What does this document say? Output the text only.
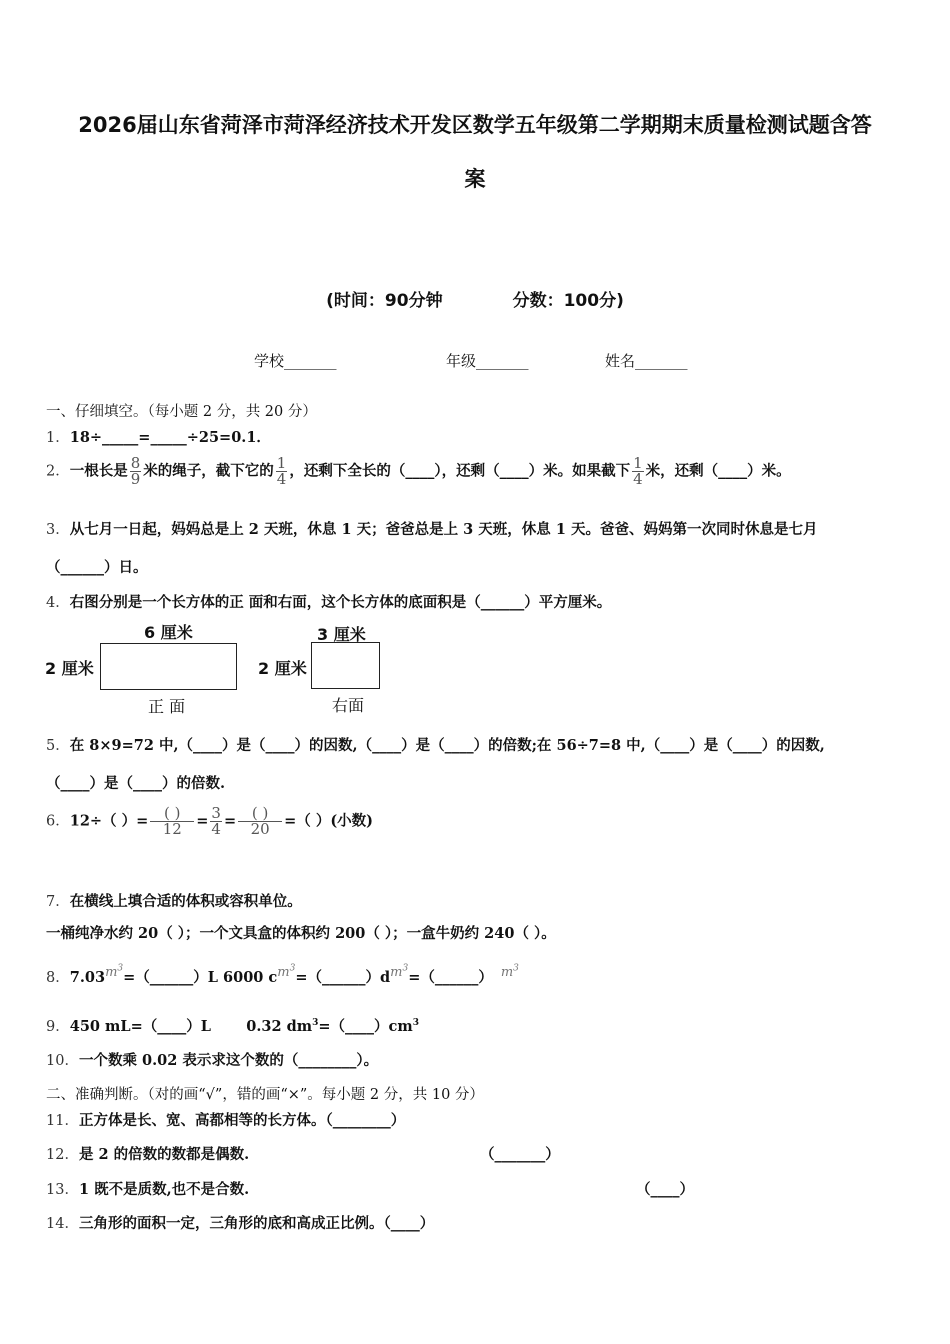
2026届山东省菏泽市菏泽经济技术开发区数学五年级第二学期期末质量检测试题含答
案
(时间：90分钟	分数：100分)
学校_______	年级_______	姓名_______
一、仔细填空。（每小题 2 分，共 20 分）
1．18÷_____=_____÷25=0.1．
2．一根长是 $\frac{8}{9}$ 米的绳子，截下它的 $\frac{1}{4}$ ，还剩下全长的（____），还剩（____）米。如果截下 $\frac{1}{4}$ 米，还剩（____）米。
3．从七月一日起，妈妈总是上 2 天班，休息 1 天；爸爸总是上 3 天班，休息 1 天。爸爸、妈妈第一次同时休息是七月
（______）日。
4．右图分别是一个长方体的正 面和右面，这个长方体的底面积是（______）平方厘米。
6 厘米
2 厘米
正 面
3 厘米
2 厘米
右面
5．在 8×9=72 中,（____）是（____）的因数,（____）是（____）的倍数;在 56÷7=8 中,（____）是（____）的因数,
（____）是（____）的倍数.
6．12÷（ ）= $\frac{( )}{12} = \frac{3}{4} = \frac{( )}{20}$ =（ ）(小数)
7．在横线上填合适的体积或容积单位。
一桶纯净水约 20（ ）；一个文具盒的体积约 200（ ）；一盒牛奶约 240（ ）。
8．$7.03m^3=(\_\_\_\_\_\_)L$ 6000 $cm^3=(\_\_\_\_\_\_)dm^3=(\_\_\_\_\_\_)$ $m^3$
9．450 mL=（____）L       0.32 $dm^3=(\_\_\_\_)cm^3$
10．一个数乘 0.02 表示求这个数的（________）。
二、准确判断。（对的画“√”，错的画“×”。每小题 2 分，共 10 分）
11．正方体是长、宽、高都相等的长方体。（________）
12．是 2 的倍数的数都是偶数.	（_______）
13．1 既不是质数,也不是合数.	（____）
14．三角形的面积一定，三角形的底和高成正比例。（____）
